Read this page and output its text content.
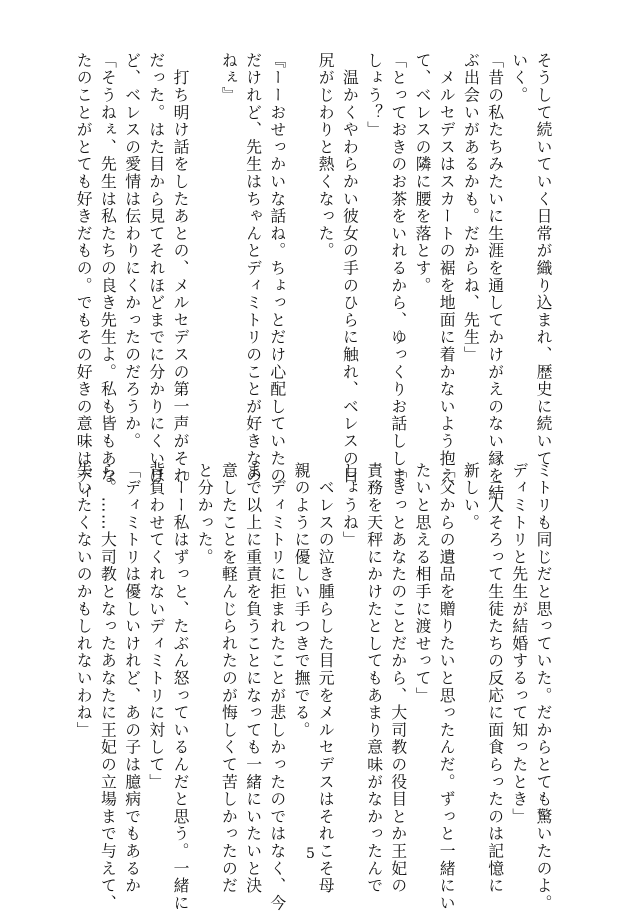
そうして続いていく日常が織り込まれ、歴史に続いて
いく。
「昔の私たちみたいに生涯を通してかけがえのない縁を結
ぶ出会いがあるかも。だからね、先生」
　メルセデスはスカートの裾を地面に着かないよう抱え
て、ベレスの隣に腰を落とす。
「とっておきのお茶をいれるから、ゆっくりお話ししま
しょう？」
　温かくやわらかい彼女の手のひらに触れ、ベレスの目
尻がじわりと熱くなった。
『ーーおせっかいな話ね。ちょっとだけ心配していたの
だけれど、先生はちゃんとディミトリのことが好きなの
ねぇ』
　打ち明け話をしたあとの、メルセデスの第一声がそれ
だった。はた目から見てそれほどまでに分かりにくいほ
ど、ベレスの愛情は伝わりにくかったのだろうか。
「そうねぇ、先生は私たちの良き先生よ。私も皆もあな
たのことがとても好きだもの。でもその好きの意味はディ
ミトリも同じだと思っていた。だからとても驚いたのよ。
ディミトリと先生が結婚するって知ったとき」
　二人そろって生徒たちの反応に面食らったのは記憶に
新しい。
「父からの遺品を贈りたいと思ったんだ。ずっと一緒にい
たいと思える相手に渡せって」
「きっとあなたのことだから、大司教の役目とか王妃の
責務を天秤にかけたとしてもあまり意味がなかったんで
しょうね」
　ベレスの泣き腫らした目元をメルセデスはそれこそ母
親のように優しい手つきで撫でる。
　ディミトリに拒まれたことが悲しかったのではなく、今
まで以上に重責を負うことになっても一緒にいたいと決
意したことを軽んじられたのが悔しくて苦しかったのだ
と分かった。
「ーー私はずっと、たぶん怒っているんだと思う。一緒に
背負わせてくれないディミトリに対して」
「ディミトリは優しいけれど、あの子は臆病でもあるか
ら。……大司教となったあなたに王妃の立場まで与えて、
失いたくないのかもしれないわね」
5
